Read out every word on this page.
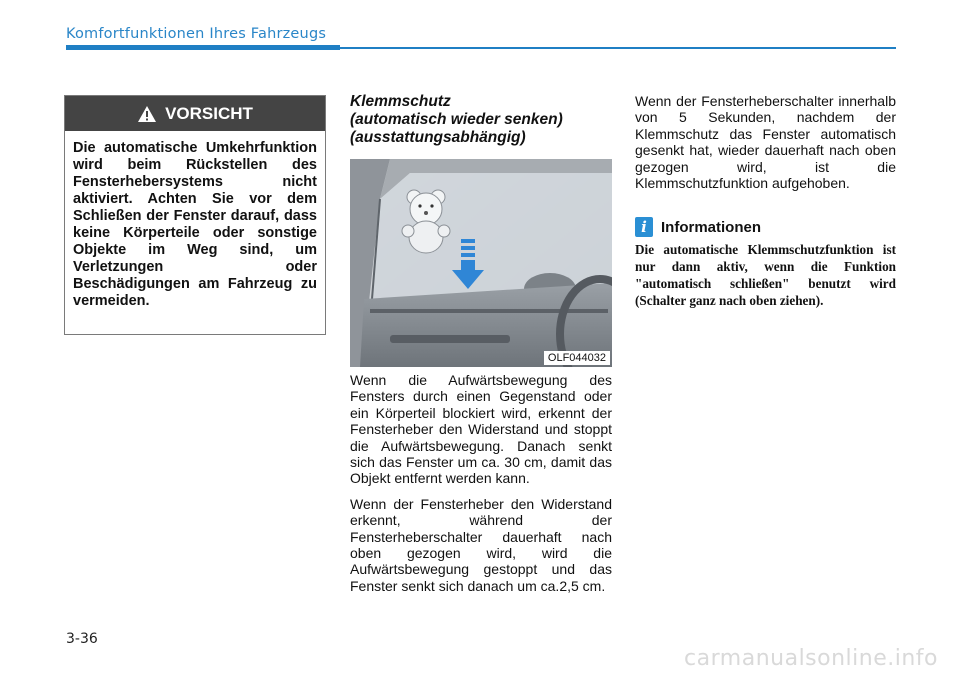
Komfortfunktionen Ihres Fahrzeugs
VORSICHT
Die automatische Umkehrfunktion wird beim Rückstellen des Fensterhebersystems nicht aktiviert. Achten Sie vor dem Schließen der Fenster darauf, dass keine Körperteile oder sonstige Objekte im Weg sind, um Verletzungen oder Beschädigungen am Fahrzeug zu vermeiden.
Klemmschutz
(automatisch wieder senken)
(ausstattungsabhängig)
OLF044032

Wenn die Aufwärtsbewegung des Fensters durch einen Gegenstand oder ein Körperteil blockiert wird, erkennt der Fensterheber den Widerstand und stoppt die Aufwärtsbewegung. Danach senkt sich das Fenster um ca. 30 cm, damit das Objekt entfernt werden kann.

Wenn der Fensterheber den Widerstand erkennt, während der Fensterheberschalter dauerhaft nach oben gezogen wird, wird die Aufwärtsbewegung gestoppt und das Fenster senkt sich danach um ca.2,5 cm.

Wenn der Fensterheberschalter innerhalb von 5 Sekunden, nachdem der Klemmschutz das Fenster automatisch gesenkt hat, wieder dauerhaft nach oben gezogen wird, ist die Klemmschutzfunktion aufgehoben.

i Informationen
Die automatische Klemmschutzfunktion ist nur dann aktiv, wenn die Funktion "automatisch schließen" benutzt wird (Schalter ganz nach oben ziehen).
3-36
carmanualsonline.info
